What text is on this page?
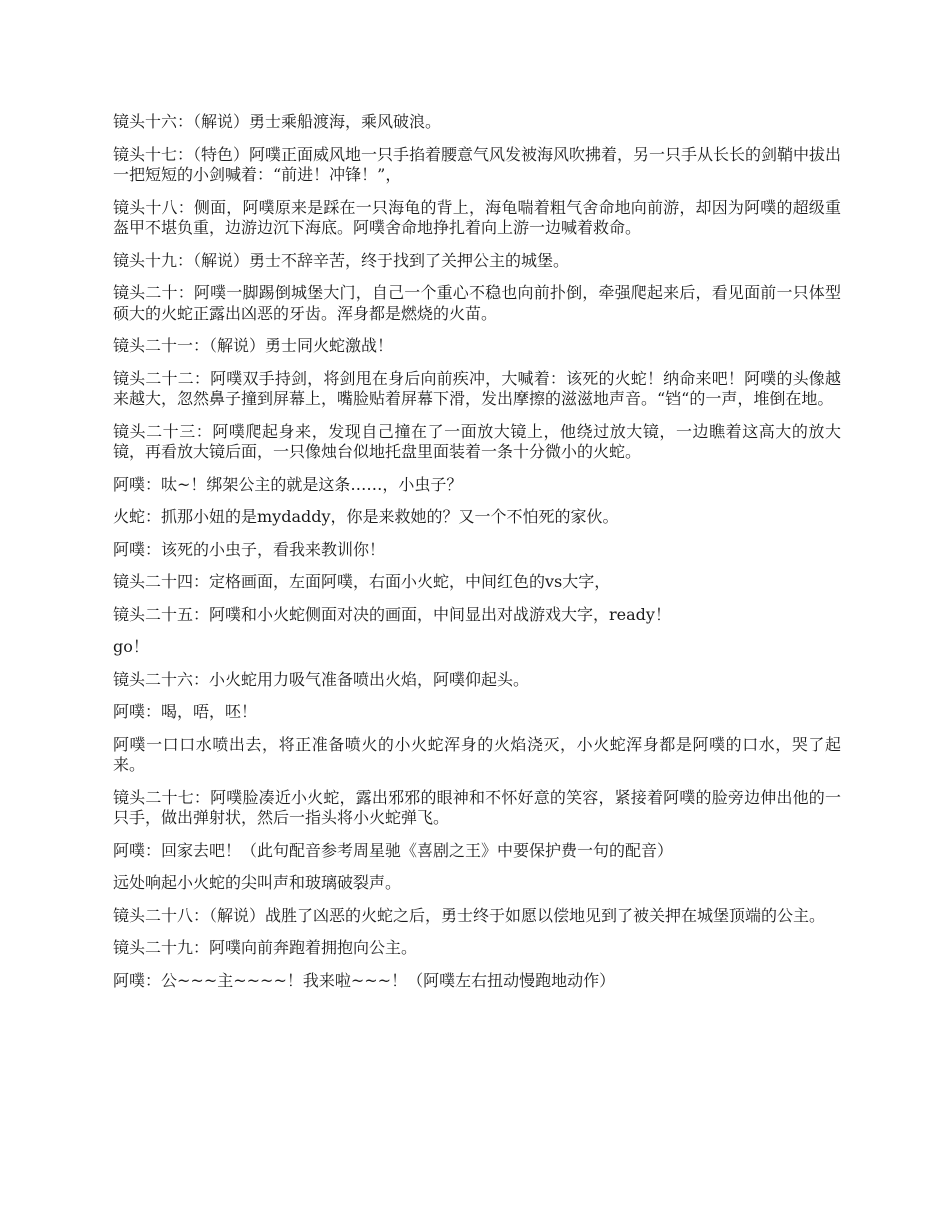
镜头十六：（解说）勇士乘船渡海，乘风破浪。

镜头十七：（特色）阿噗正面威风地一只手掐着腰意气风发被海风吹拂着，另一只手从长长的剑鞘中拔出一把短短的小剑喊着：“前进！冲锋！”，

镜头十八：侧面，阿噗原来是踩在一只海龟的背上，海龟喘着粗气舍命地向前游，却因为阿噗的超级重盔甲不堪负重，边游边沉下海底。阿噗舍命地挣扎着向上游一边喊着救命。

镜头十九：（解说）勇士不辞辛苦，终于找到了关押公主的城堡。

镜头二十：阿噗一脚踢倒城堡大门，自己一个重心不稳也向前扑倒，牵强爬起来后，看见面前一只体型硕大的火蛇正露出凶恶的牙齿。浑身都是燃烧的火苗。

镜头二十一：（解说）勇士同火蛇激战！

镜头二十二：阿噗双手持剑，将剑甩在身后向前疾冲，大喊着：该死的火蛇！纳命来吧！阿噗的头像越来越大，忽然鼻子撞到屏幕上，嘴脸贴着屏幕下滑，发出摩擦的滋滋地声音。“铛“的一声，堆倒在地。

镜头二十三：阿噗爬起身来，发现自己撞在了一面放大镜上，他绕过放大镜，一边瞧着这高大的放大镜，再看放大镜后面，一只像烛台似地托盘里面装着一条十分微小的火蛇。

阿噗：呔~！绑架公主的就是这条……，小虫子？

火蛇：抓那小妞的是mydaddy，你是来救她的？又一个不怕死的家伙。

阿噗：该死的小虫子，看我来教训你！

镜头二十四：定格画面，左面阿噗，右面小火蛇，中间红色的vs大字，

镜头二十五：阿噗和小火蛇侧面对决的画面，中间显出对战游戏大字，ready！

go！

镜头二十六：小火蛇用力吸气准备喷出火焰，阿噗仰起头。

阿噗：喝，唔，呸！

阿噗一口口水喷出去，将正准备喷火的小火蛇浑身的火焰浇灭，小火蛇浑身都是阿噗的口水，哭了起来。

镜头二十七：阿噗脸凑近小火蛇，露出邪邪的眼神和不怀好意的笑容，紧接着阿噗的脸旁边伸出他的一只手，做出弹射状，然后一指头将小火蛇弹飞。

阿噗：回家去吧！（此句配音参考周星驰《喜剧之王》中要保护费一句的配音）

远处响起小火蛇的尖叫声和玻璃破裂声。

镜头二十八：（解说）战胜了凶恶的火蛇之后，勇士终于如愿以偿地见到了被关押在城堡顶端的公主。

镜头二十九：阿噗向前奔跑着拥抱向公主。

阿噗：公~~~主~~~~！我来啦~~~！（阿噗左右扭动慢跑地动作）
